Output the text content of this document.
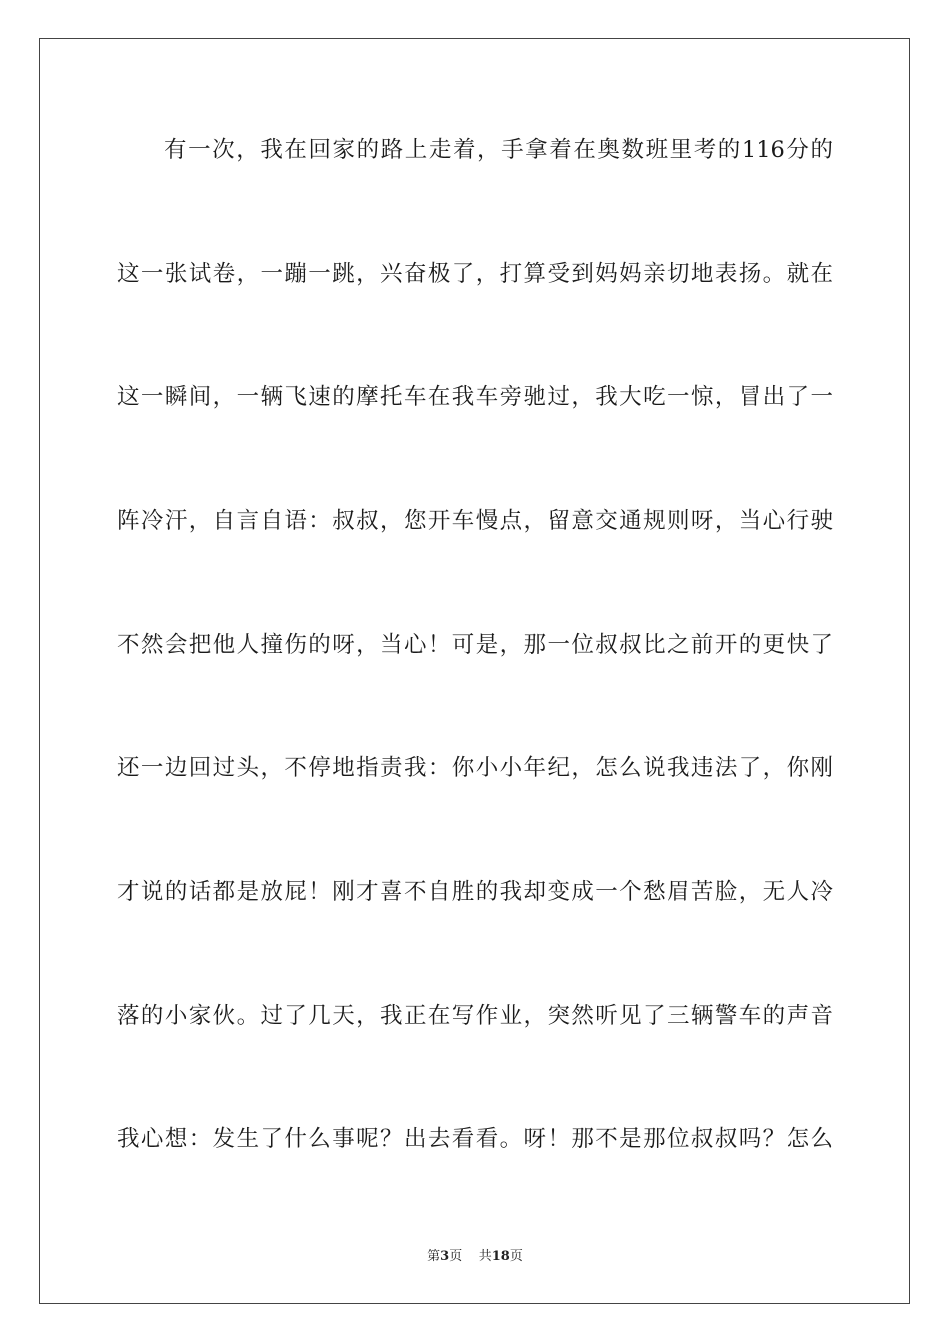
有一次，我在回家的路上走着，手拿着在奥数班里考的116分的
这一张试卷，一蹦一跳，兴奋极了，打算受到妈妈亲切地表扬。就在
这一瞬间，一辆飞速的摩托车在我车旁驰过，我大吃一惊，冒出了一
阵冷汗，自言自语：叔叔，您开车慢点，留意交通规则呀，当心行驶
不然会把他人撞伤的呀，当心！可是，那一位叔叔比之前开的更快了
还一边回过头，不停地指责我：你小小年纪，怎么说我违法了，你刚
才说的话都是放屁！刚才喜不自胜的我却变成一个愁眉苦脸，无人冷
落的小家伙。过了几天，我正在写作业，突然听见了三辆警车的声音
我心想：发生了什么事呢？出去看看。呀！那不是那位叔叔吗？怎么
第3页 共18页
